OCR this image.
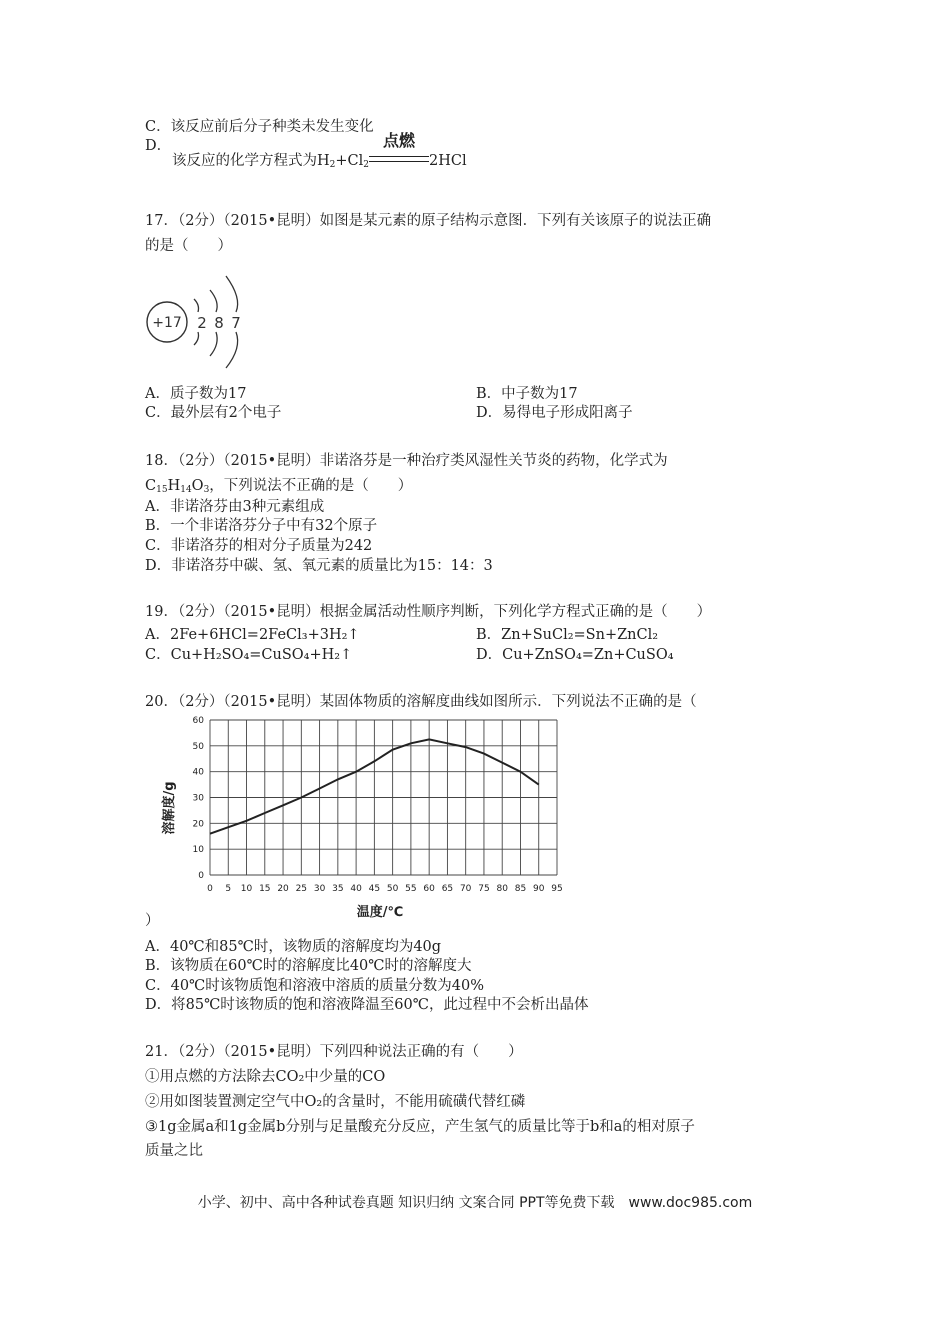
C．该反应前后分子种类未发生变化
D．
该反应的化学方程式为$H_2+Cl_2$
点燃
2HCl
17．（2分）（2015•昆明）如图是某元素的原子结构示意图．下列有关该原子的说法正确
的是（　　）
+17 2 8 7
A．质子数为17	B．中子数为17
C．最外层有2个电子	D．易得电子形成阳离子
18．（2分）（2015•昆明）非诺洛芬是一种治疗类风湿性关节炎的药物，化学式为
$C_{15}H_{14}O_3$，下列说法不正确的是（　　）
A．非诺洛芬由3种元素组成
B．一个非诺洛芬分子中有32个原子
C．非诺洛芬的相对分子质量为242
D．非诺洛芬中碳、氢、氧元素的质量比为15：14：3
19．（2分）（2015•昆明）根据金属活动性顺序判断，下列化学方程式正确的是（　　）
A．2Fe+6HCl=2FeCl₃+3H₂↑	B．Zn+SuCl₂=Sn+ZnCl₂
C．Cu+H₂SO₄=CuSO₄+H₂↑	D．Cu+ZnSO₄=Zn+CuSO₄
20．（2分）（2015•昆明）某固体物质的溶解度曲线如图所示．下列说法不正确的是（
0 5 10 15 20 25 30 35 40 45 50 55 60 65 70 75 80 85 90 95
0
10
20
30
40
50
60
温度/℃
溶解度/g
）
A．40℃和85℃时，该物质的溶解度均为40g
B．该物质在60℃时的溶解度比40℃时的溶解度大
C．40℃时该物质饱和溶液中溶质的质量分数为40%
D．将85℃时该物质的饱和溶液降温至60℃，此过程中不会析出晶体
21．（2分）（2015•昆明）下列四种说法正确的有（　　）
①用点燃的方法除去CO₂中少量的CO
②用如图装置测定空气中O₂的含量时，不能用硫磺代替红磷
③1g金属a和1g金属b分别与足量酸充分反应，产生氢气的质量比等于b和a的相对原子
质量之比
小学、初中、高中各种试卷真题 知识归纳 文案合同 PPT等免费下载　www.doc985.com
